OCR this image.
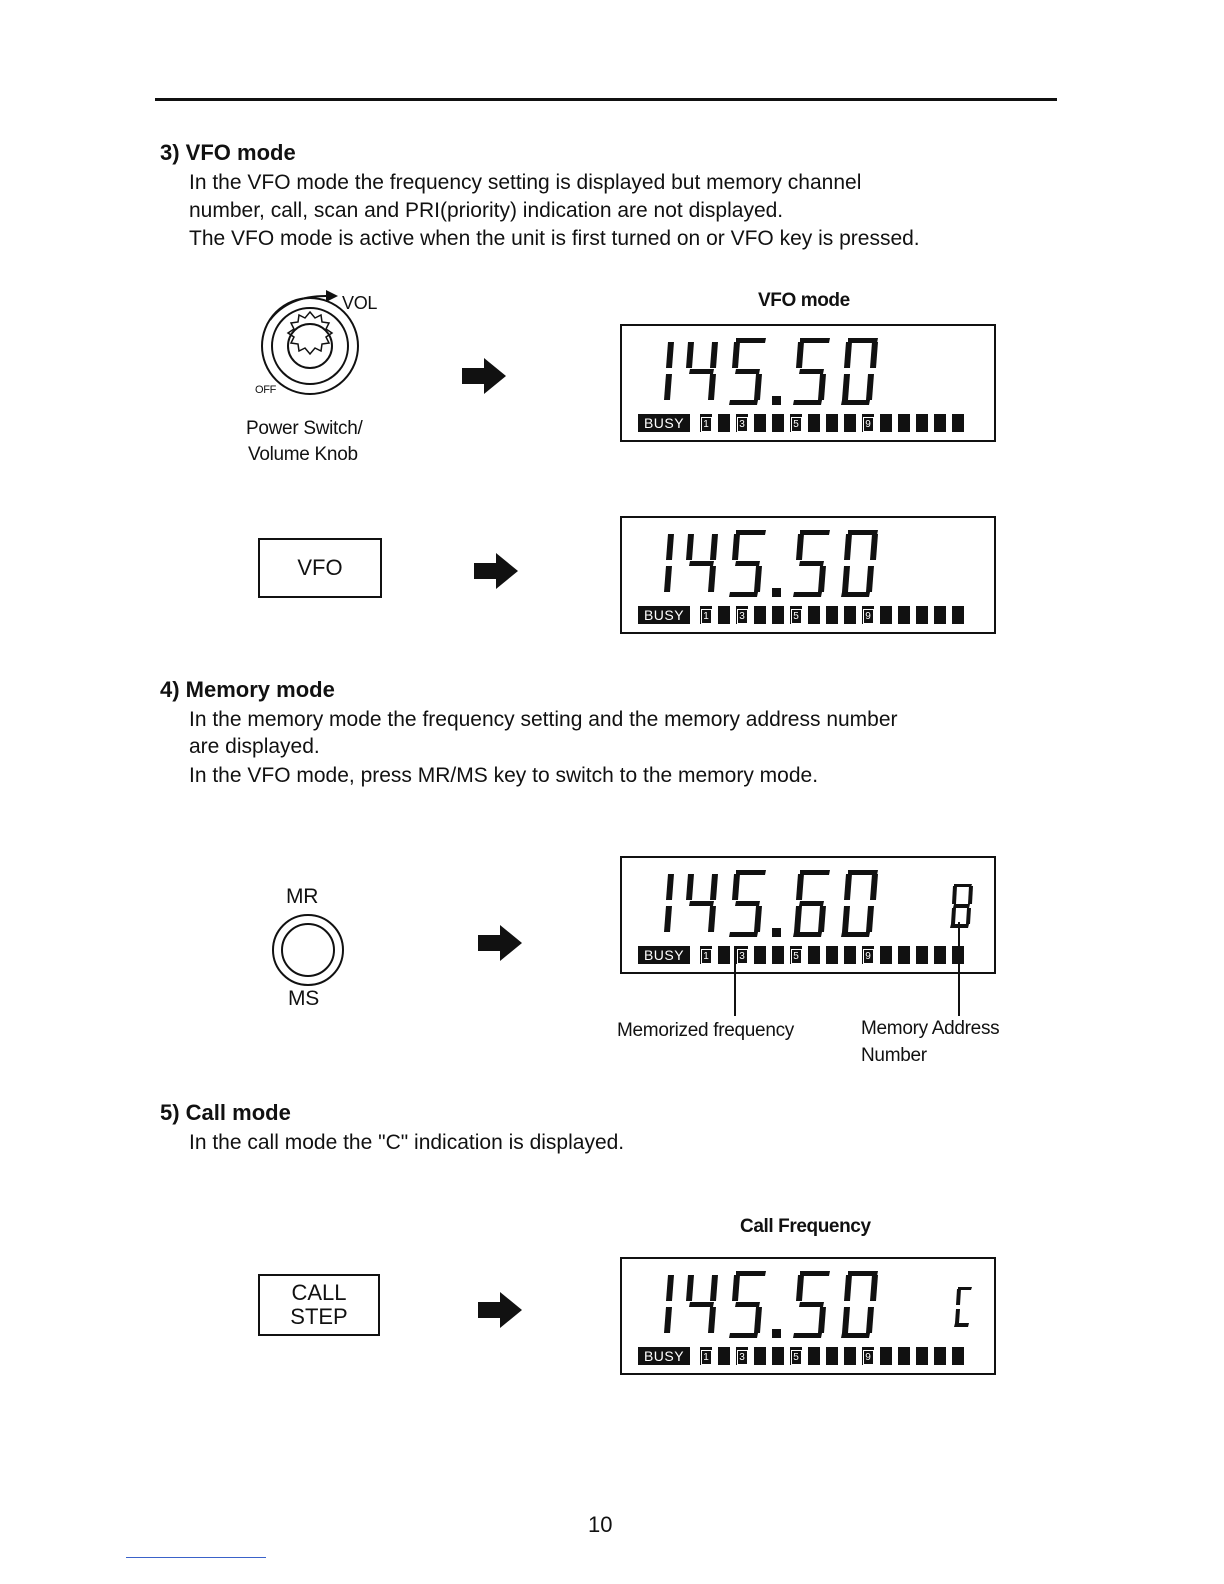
3) VFO mode
In the VFO mode the frequency setting is displayed but memory channel
number, call, scan and PRI(priority) indication are not displayed.
The VFO mode is active when the unit is first turned on or VFO key is pressed.
VOL
OFF
Power Switch/
Volume Knob
VFO mode
BUSY	1	3	5	9
VFO
BUSY	1	3	5	9
4) Memory mode
In the memory mode the frequency setting and the memory address number
are displayed.
In the VFO mode, press MR/MS key to switch to the memory mode.
MR
MS
BUSY	1	3	5	9
Memorized frequency	Memory Address
Number
5) Call mode
In the call mode the "C" indication is displayed.
Call Frequency
CALL
STEP
BUSY	1	3	5	9
10
